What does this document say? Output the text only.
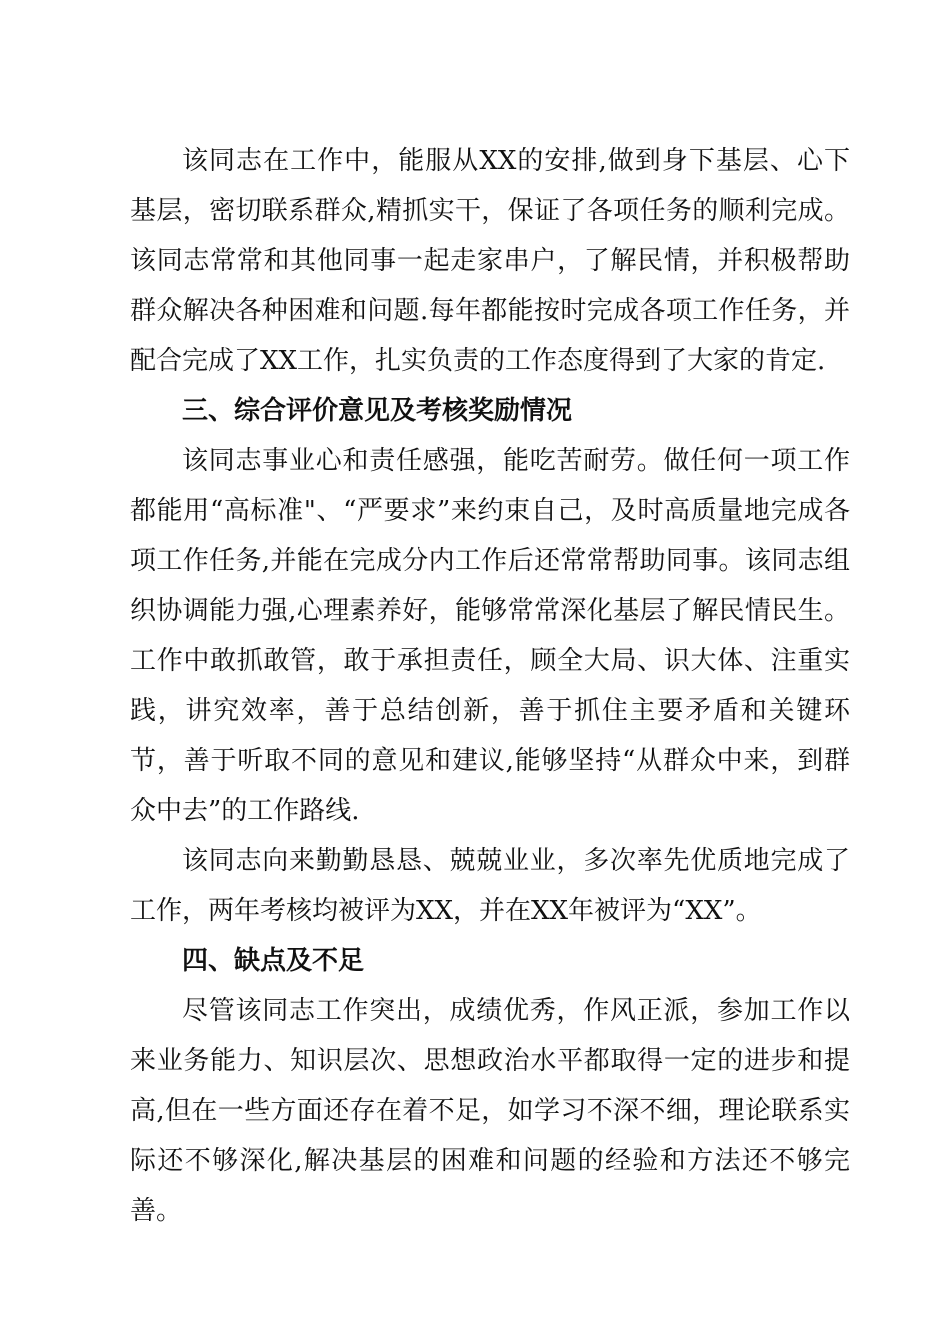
该同志在工作中，能服从XX的安排,做到身下基层、心下基层，密切联系群众,精抓实干，保证了各项任务的顺利完成。该同志常常和其他同事一起走家串户，了解民情，并积极帮助群众解决各种困难和问题.每年都能按时完成各项工作任务，并配合完成了XX工作，扎实负责的工作态度得到了大家的肯定.

三、综合评价意见及考核奖励情况

该同志事业心和责任感强，能吃苦耐劳。做任何一项工作都能用“高标准"、“严要求”来约束自己，及时高质量地完成各项工作任务,并能在完成分内工作后还常常帮助同事。该同志组织协调能力强,心理素养好，能够常常深化基层了解民情民生。工作中敢抓敢管，敢于承担责任，顾全大局、识大体、注重实践，讲究效率，善于总结创新，善于抓住主要矛盾和关键环节，善于听取不同的意见和建议,能够坚持“从群众中来，到群众中去”的工作路线.

该同志向来勤勤恳恳、兢兢业业，多次率先优质地完成了工作，两年考核均被评为XX，并在XX年被评为“XX”。

四、缺点及不足

尽管该同志工作突出，成绩优秀，作风正派，参加工作以来业务能力、知识层次、思想政治水平都取得一定的进步和提高,但在一些方面还存在着不足，如学习不深不细，理论联系实际还不够深化,解决基层的困难和问题的经验和方法还不够完善。
